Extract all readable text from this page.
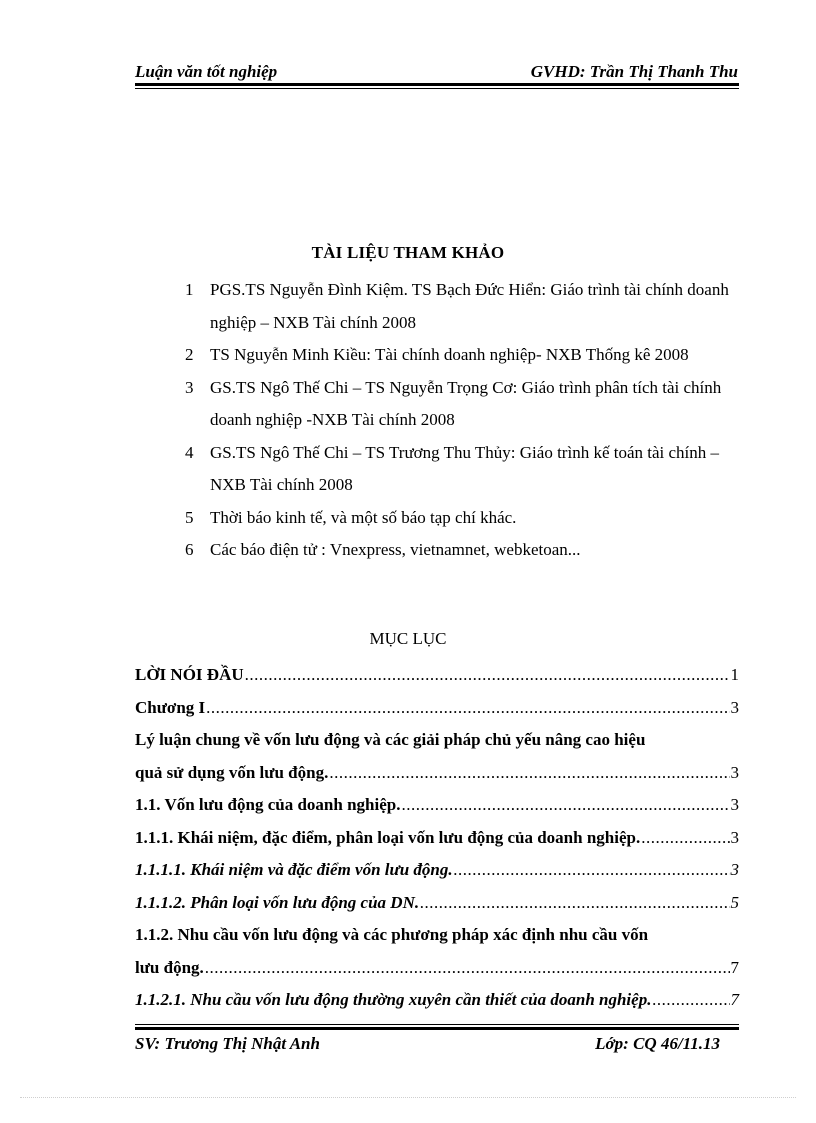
Luận văn tốt nghiệp	GVHD: Trần Thị Thanh Thu
TÀI LIỆU THAM KHẢO
1 PGS.TS Nguyễn Đình Kiệm. TS Bạch Đức Hiển: Giáo trình tài chính doanh nghiệp – NXB Tài chính 2008
2 TS Nguyễn Minh Kiều: Tài chính doanh nghiệp- NXB Thống kê 2008
3 GS.TS Ngô Thế Chi – TS Nguyễn Trọng Cơ: Giáo trình phân tích tài chính doanh nghiệp -NXB Tài chính 2008
4 GS.TS Ngô Thế Chi – TS Trương Thu Thủy: Giáo trình kế toán tài chính – NXB Tài chính 2008
5 Thời báo kinh tế, và một số báo tạp chí khác.
6 Các báo điện tử : Vnexpress, vietnamnet, webketoan...
MỤC LỤC
LỜI NÓI ĐẦU .....	1
Chương I .....	3
Lý luận chung về vốn lưu động và các giải pháp chủ yếu nâng cao hiệu
quả sử dụng vốn lưu động. .....	3
1.1. Vốn lưu động của doanh nghiệp. .....	3
1.1.1. Khái niệm, đặc điểm, phân loại vốn lưu động của doanh nghiệp. .....	3
1.1.1.1. Khái niệm và đặc điểm vốn lưu động. .....	3
1.1.1.2. Phân loại vốn lưu động của DN. .....	5
1.1.2. Nhu cầu vốn lưu động và các phương pháp xác định nhu cầu vốn
lưu động. .....	7
1.1.2.1. Nhu cầu vốn lưu động thường xuyên cần thiết của doanh nghiệp. .....	7
SV: Trương Thị Nhật Anh	Lớp: CQ 46/11.13
